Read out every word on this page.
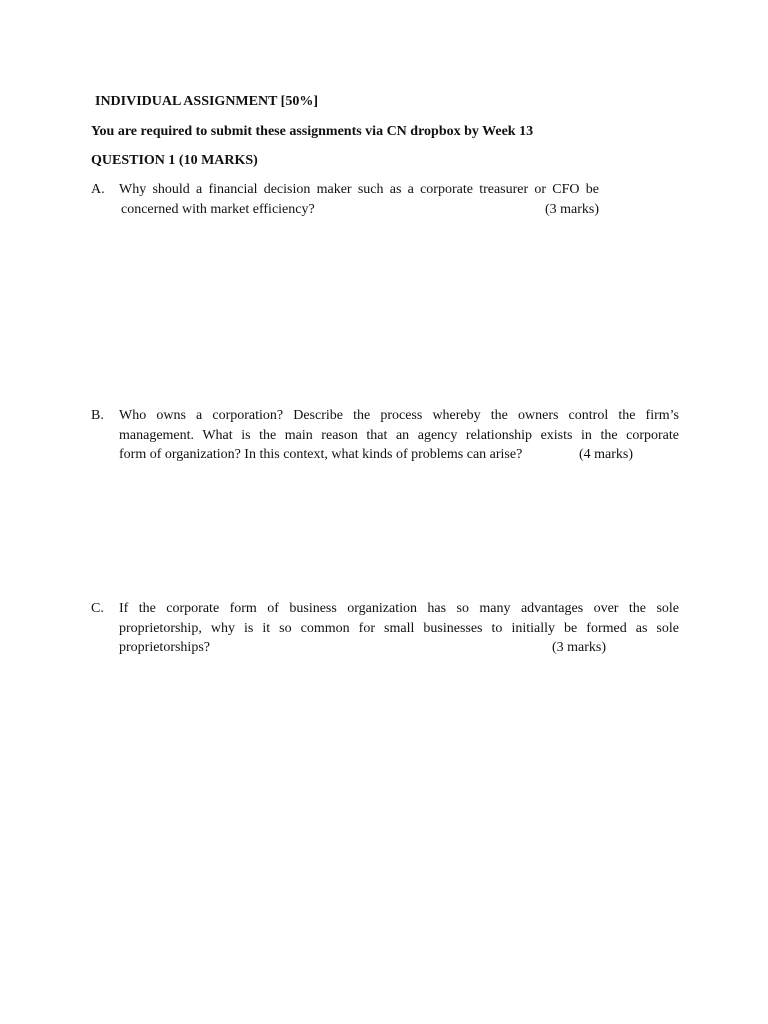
INDIVIDUAL ASSIGNMENT [50%]
You are required to submit these assignments via CN dropbox by Week 13
QUESTION 1 (10 MARKS)
A. Why should a financial decision maker such as a corporate treasurer or CFO be
concerned with market efficiency?	(3 marks)
B. Who owns a corporation? Describe the process whereby the owners control the firm’s
management. What is the main reason that an agency relationship exists in the corporate
form of organization? In this context, what kinds of problems can arise?	(4 marks)
C. If the corporate form of business organization has so many advantages over the sole
proprietorship, why is it so common for small businesses to initially be formed as sole
proprietorships?	(3 marks)
